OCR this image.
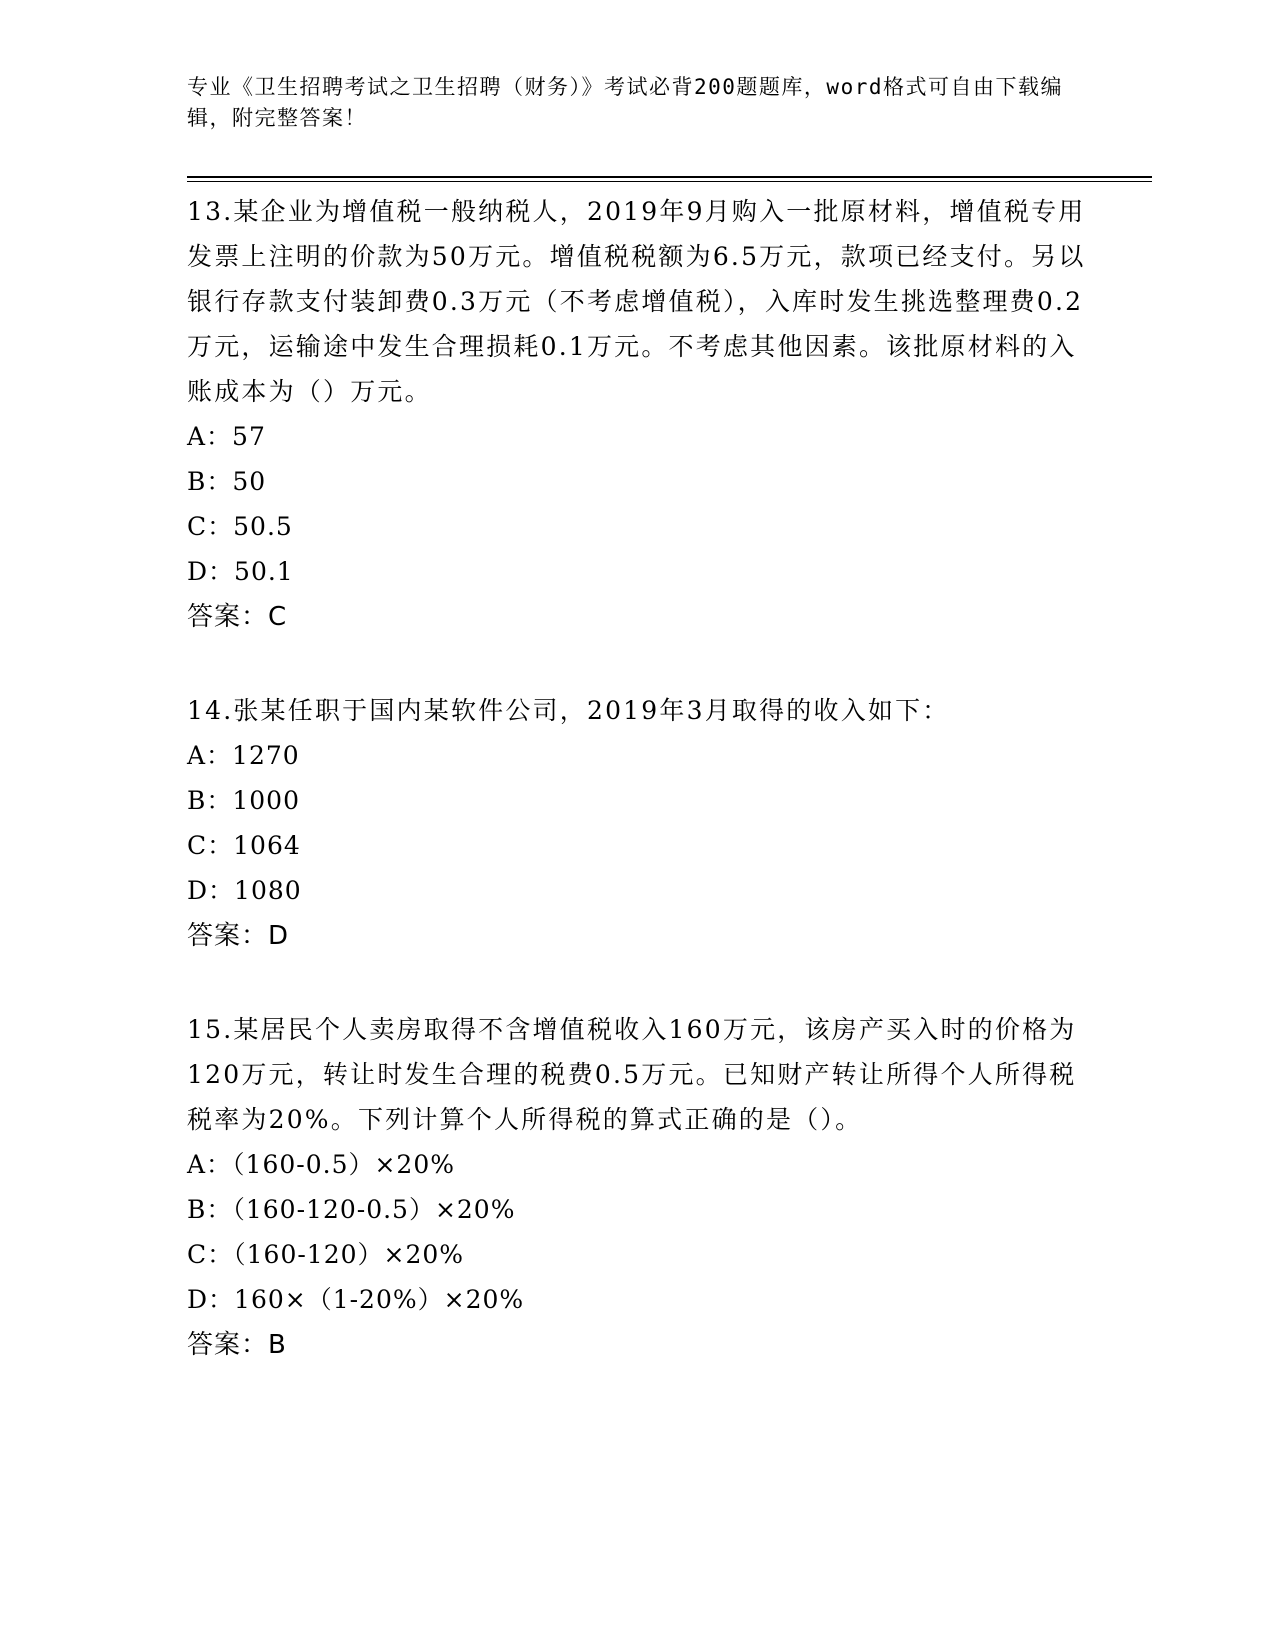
专业《卫生招聘考试之卫生招聘（财务）》考试必背200题题库，word格式可自由下载编辑，附完整答案！
13.某企业为增值税一般纳税人，2019年9月购入一批原材料，增值税专用发票上注明的价款为50万元。增值税税额为6.5万元，款项已经支付。另以银行存款支付装卸费0.3万元（不考虑增值税），入库时发生挑选整理费0.2万元，运输途中发生合理损耗0.1万元。不考虑其他因素。该批原材料的入账成本为（）万元。
A：57
B：50
C：50.5
D：50.1
答案：C
14.张某任职于国内某软件公司，2019年3月取得的收入如下：
A：1270
B：1000
C：1064
D：1080
答案：D
15.某居民个人卖房取得不含增值税收入160万元，该房产买入时的价格为120万元，转让时发生合理的税费0.5万元。已知财产转让所得个人所得税税率为20%。下列计算个人所得税的算式正确的是（）。
A：（160-0.5）×20%
B：（160-120-0.5）×20%
C：（160-120）×20%
D：160×（1-20%）×20%
答案：B
